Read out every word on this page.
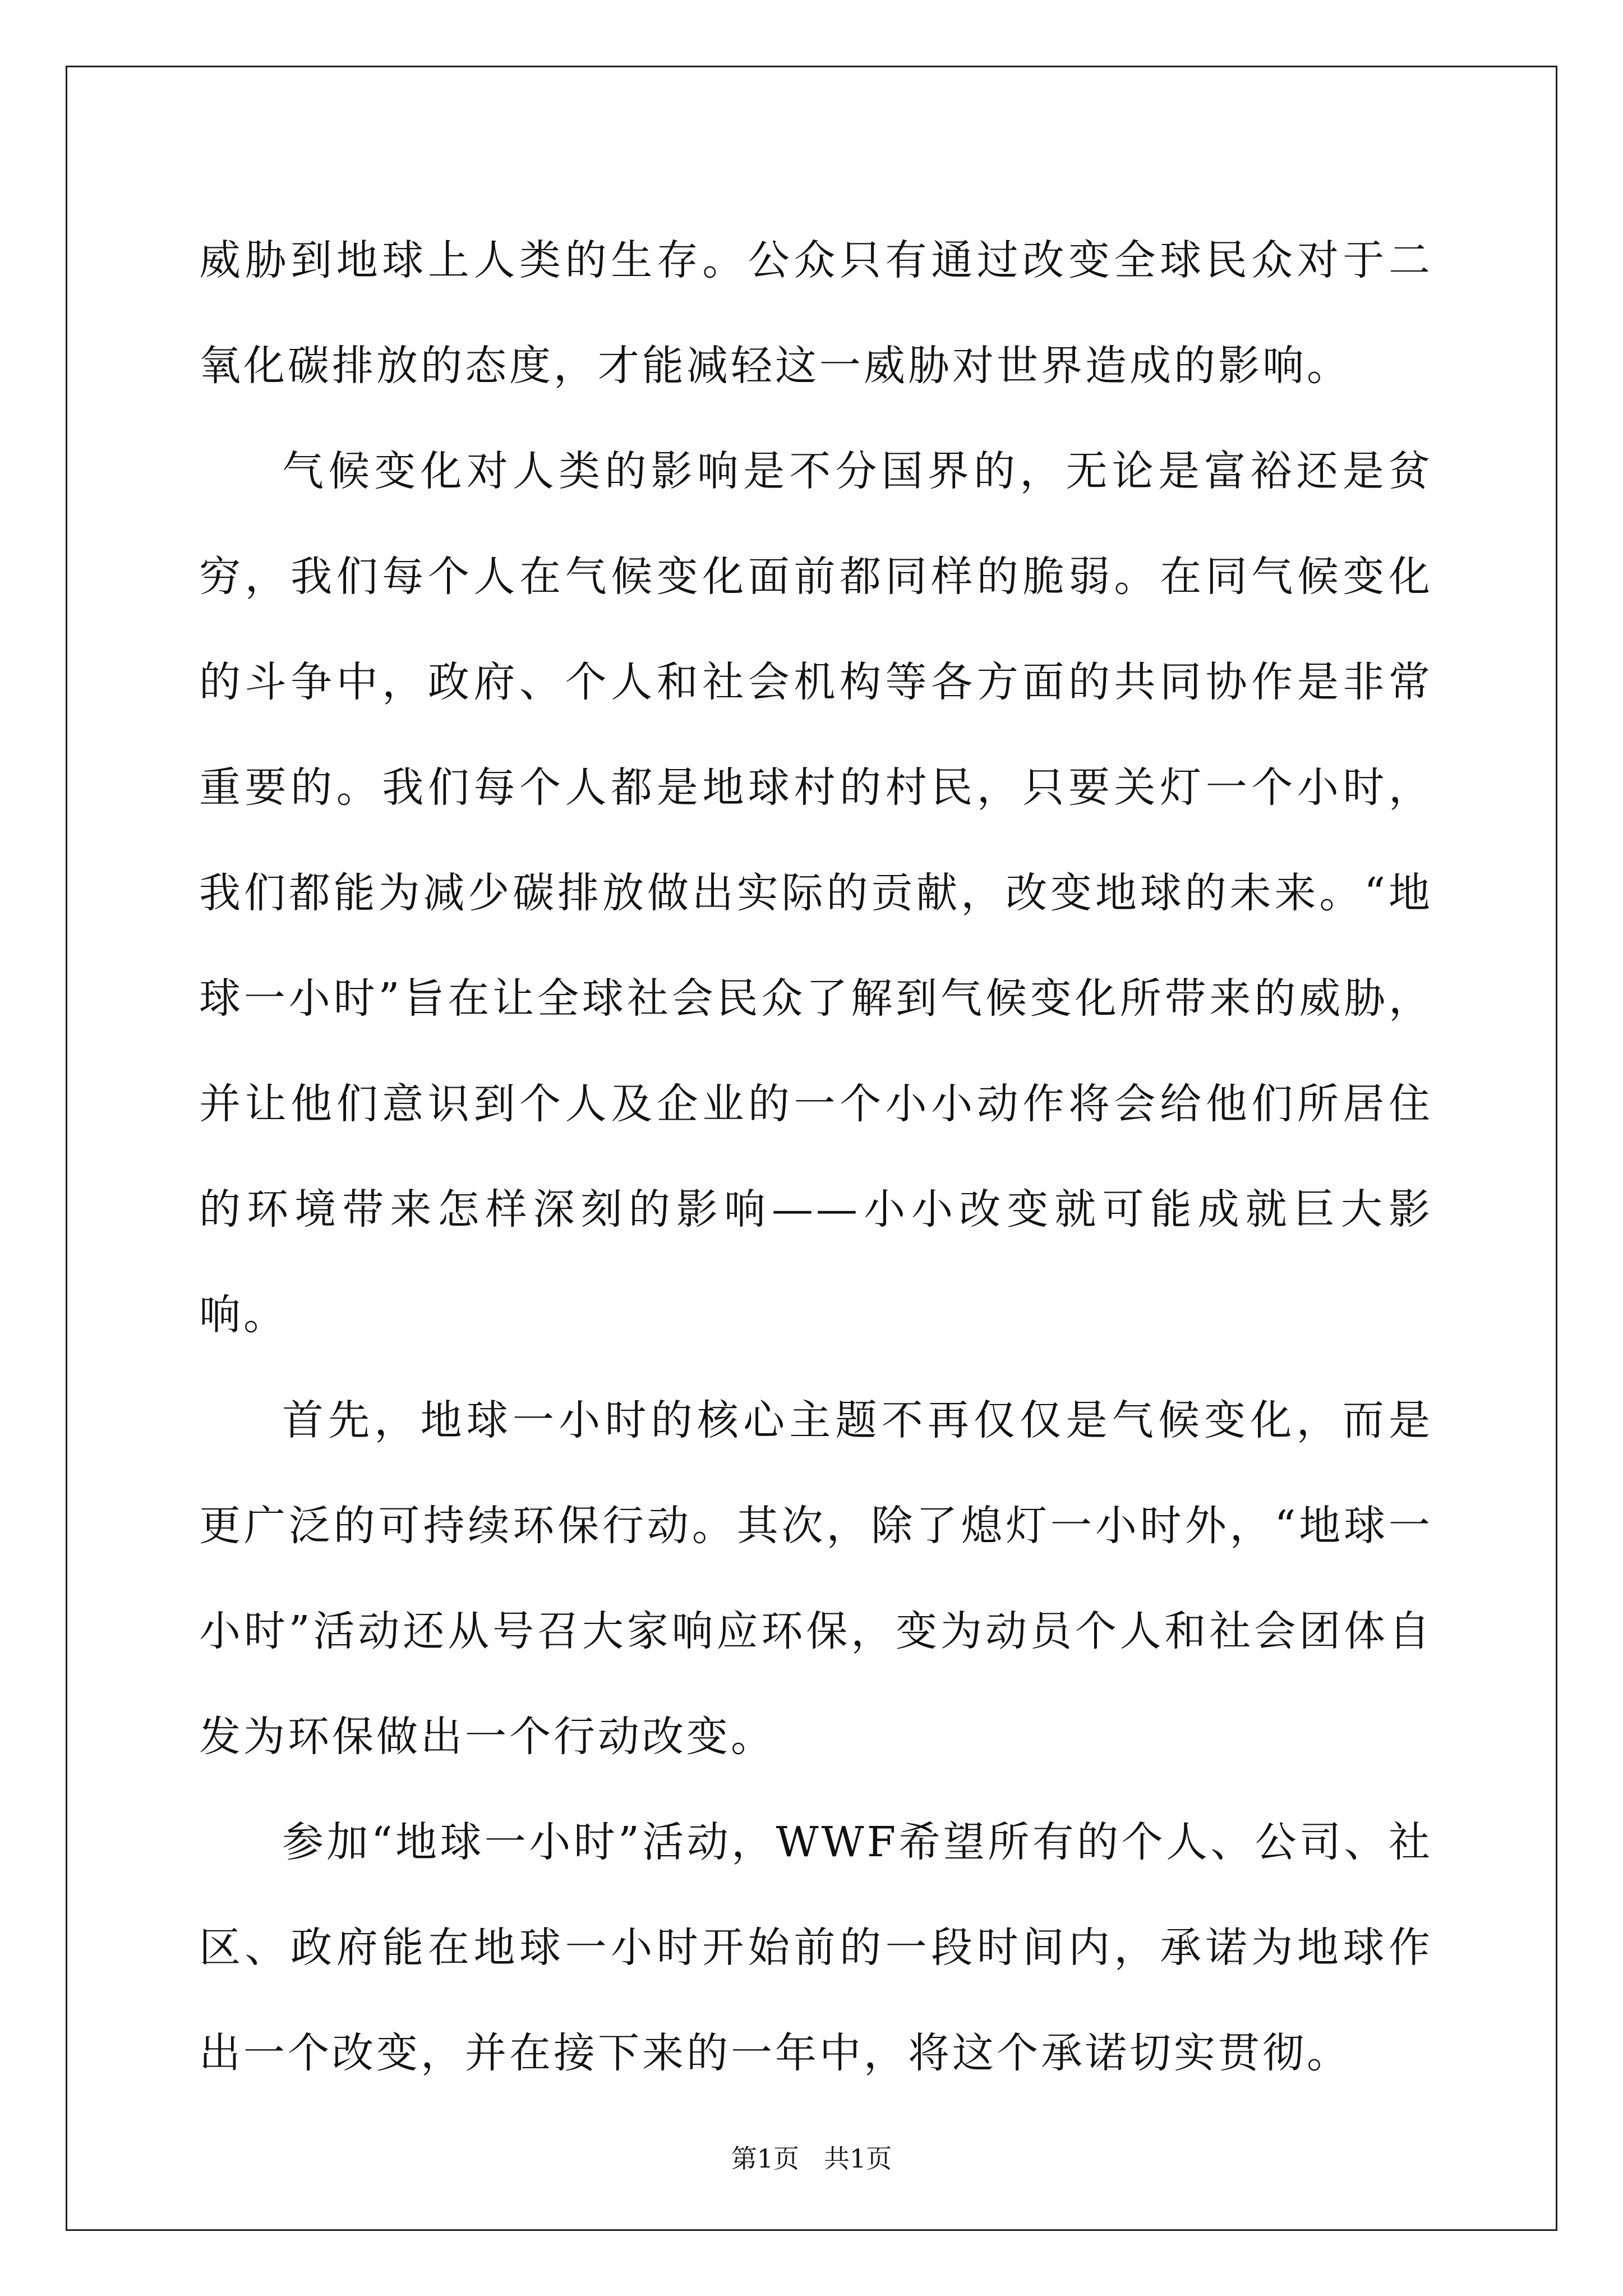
威胁到地球上人类的生存。公众只有通过改变全球民众对于二氧化碳排放的态度，才能减轻这一威胁对世界造成的影响。

气候变化对人类的影响是不分国界的，无论是富裕还是贫穷，我们每个人在气候变化面前都同样的脆弱。在同气候变化的斗争中，政府、个人和社会机构等各方面的共同协作是非常重要的。我们每个人都是地球村的村民，只要关灯一个小时，我们都能为减少碳排放做出实际的贡献，改变地球的未来。“地球一小时”旨在让全球社会民众了解到气候变化所带来的威胁，并让他们意识到个人及企业的一个小小动作将会给他们所居住的环境带来怎样深刻的影响——小小改变就可能成就巨大影响。

首先，地球一小时的核心主题不再仅仅是气候变化，而是更广泛的可持续环保行动。其次，除了熄灯一小时外，“地球一小时”活动还从号召大家响应环保，变为动员个人和社会团体自发为环保做出一个行动改变。

参加“地球一小时”活动，WWF希望所有的个人、公司、社区、政府能在地球一小时开始前的一段时间内，承诺为地球作出一个改变，并在接下来的一年中，将这个承诺切实贯彻。

第1页 共1页
